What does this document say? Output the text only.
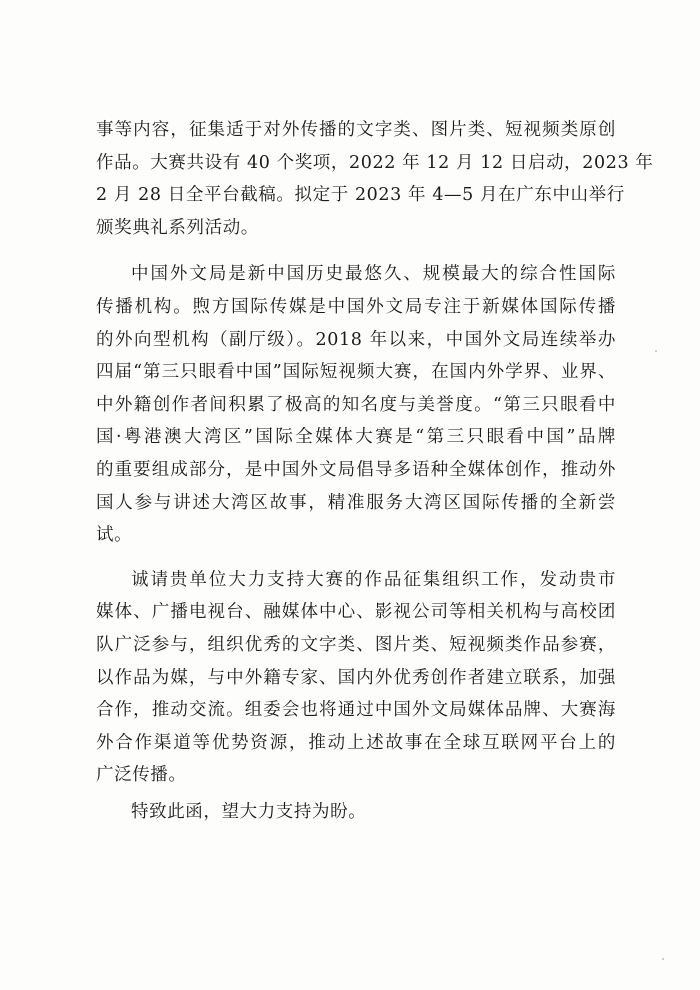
事等内容，征集适于对外传播的文字类、图片类、短视频类原创
作品。大赛共设有 40 个奖项，2022 年 12 月 12 日启动，2023 年
2 月 28 日全平台截稿。拟定于 2023 年 4—5 月在广东中山举行
颁奖典礼系列活动。
中国外文局是新中国历史最悠久、规模最大的综合性国际
传播机构。煦方国际传媒是中国外文局专注于新媒体国际传播
的外向型机构（副厅级）。2018 年以来，中国外文局连续举办
四届“第三只眼看中国”国际短视频大赛，在国内外学界、业界、
中外籍创作者间积累了极高的知名度与美誉度。“第三只眼看中
国·粤港澳大湾区”国际全媒体大赛是“第三只眼看中国”品牌
的重要组成部分，是中国外文局倡导多语种全媒体创作，推动外
国人参与讲述大湾区故事，精准服务大湾区国际传播的全新尝
试。
诚请贵单位大力支持大赛的作品征集组织工作，发动贵市
媒体、广播电视台、融媒体中心、影视公司等相关机构与高校团
队广泛参与，组织优秀的文字类、图片类、短视频类作品参赛，
以作品为媒，与中外籍专家、国内外优秀创作者建立联系，加强
合作，推动交流。组委会也将通过中国外文局媒体品牌、大赛海
外合作渠道等优势资源，推动上述故事在全球互联网平台上的
广泛传播。
特致此函，望大力支持为盼。
